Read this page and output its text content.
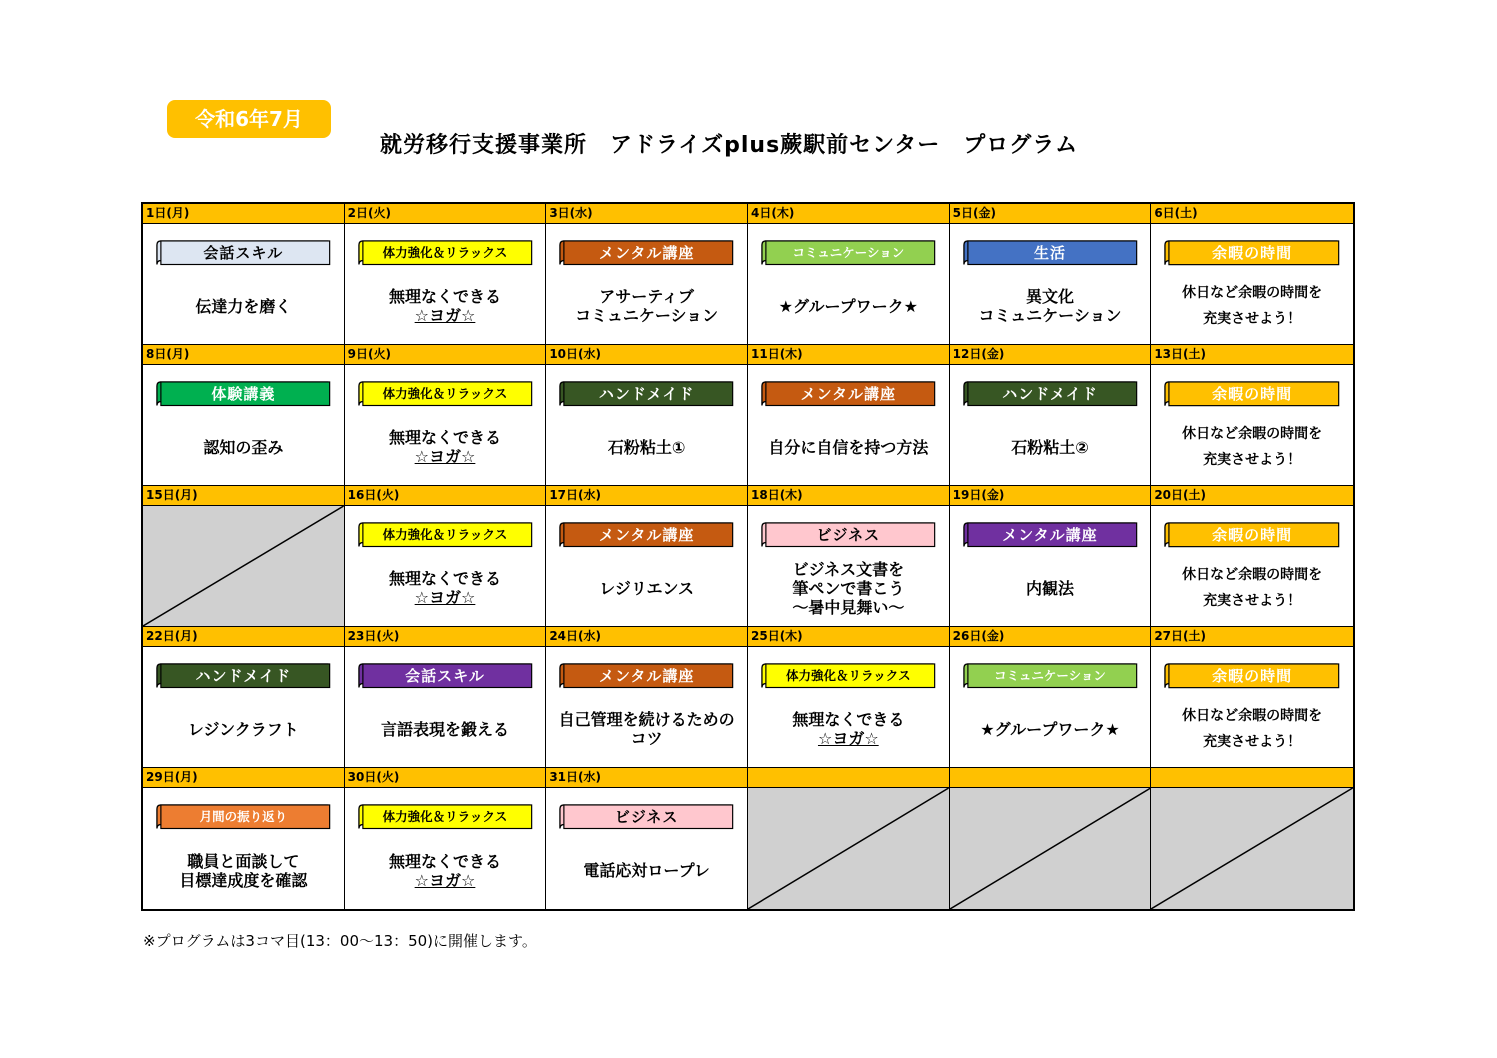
令和6年7月
就労移行支援事業所　アドライズplus蕨駅前センター　プログラム
1日(月)
会話スキル
伝達力を磨く
2日(火)
体力強化＆リラックス
無理なくできる
☆ヨガ☆
3日(水)
メンタル講座
アサーティブ
コミュニケーション
4日(木)
コミュニケーション
★グループワーク★
5日(金)
生活
異文化
コミュニケーション
6日(土)
余暇の時間
休日など余暇の時間を
充実させよう！
8日(月)
体験講義
認知の歪み
9日(火)
体力強化＆リラックス
無理なくできる
☆ヨガ☆
10日(水)
ハンドメイド
石粉粘土①
11日(木)
メンタル講座
自分に自信を持つ方法
12日(金)
ハンドメイド
石粉粘土②
13日(土)
余暇の時間
休日など余暇の時間を
充実させよう！
15日(月)	16日(火)
体力強化＆リラックス
無理なくできる
☆ヨガ☆
17日(水)
メンタル講座
レジリエンス
18日(木)
ビジネス
ビジネス文書を
筆ペンで書こう
〜暑中見舞い〜
19日(金)
メンタル講座
内観法
20日(土)
余暇の時間
休日など余暇の時間を
充実させよう！
22日(月)
ハンドメイド
レジンクラフト
23日(火)
会話スキル
言語表現を鍛える
24日(水)
メンタル講座
自己管理を続けるための
コツ
25日(木)
体力強化＆リラックス
無理なくできる
☆ヨガ☆
26日(金)
コミュニケーション
★グループワーク★
27日(土)
余暇の時間
休日など余暇の時間を
充実させよう！
29日(月)
月間の振り返り
職員と面談して
目標達成度を確認
30日(火)
体力強化＆リラックス
無理なくできる
☆ヨガ☆
31日(水)
ビジネス
電話応対ロープレ
※プログラムは3コマ目(13：00〜13：50)に開催します。
